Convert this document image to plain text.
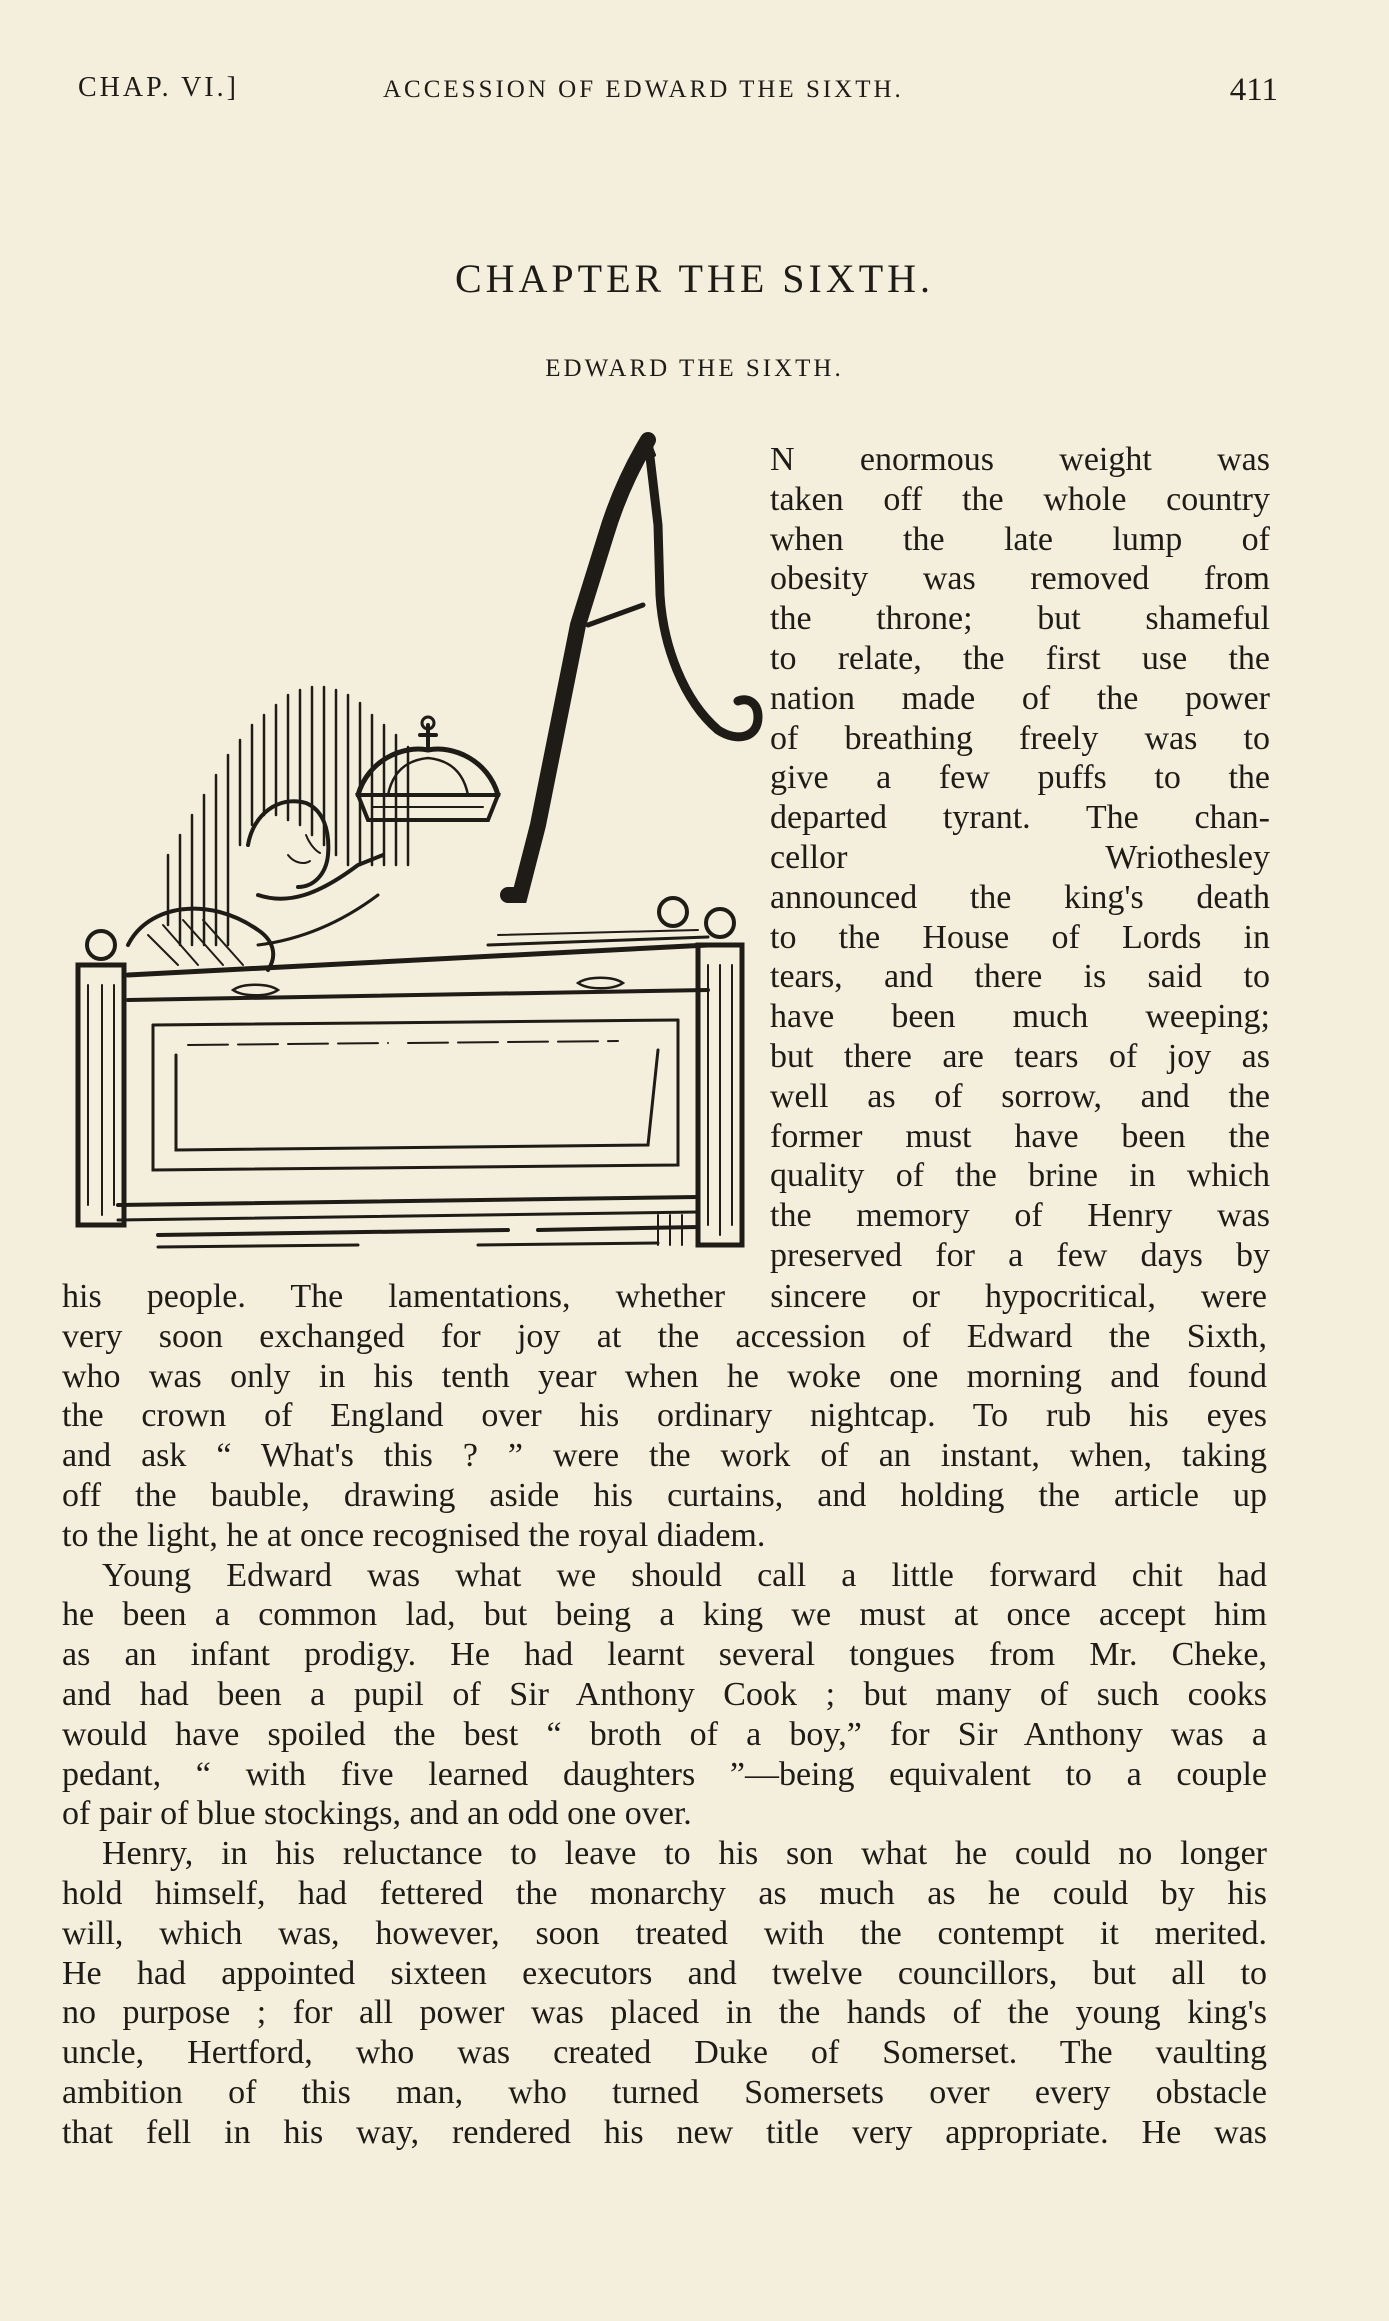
CHAP. VI.]	ACCESSION OF EDWARD THE SIXTH.	411
CHAPTER THE SIXTH.
EDWARD THE SIXTH.
N enormous weight was
taken off the whole country
when the late lump of
obesity was removed from
the throne; but shameful
to relate, the first use the
nation made of the power
of breathing freely was to
give a few puffs to the
departed tyrant. The chan-
cellor Wriothesley
announced the king's death
to the House of Lords in
tears, and there is said to
have been much weeping;
but there are tears of joy as
well as of sorrow, and the
former must have been the
quality of the brine in which
the memory of Henry was
preserved for a few days by

his people. The lamentations, whether sincere or hypocritical, were
very soon exchanged for joy at the accession of Edward the Sixth,
who was only in his tenth year when he woke one morning and found
the crown of England over his ordinary nightcap. To rub his eyes
and ask “ What's this ? ” were the work of an instant, when, taking
off the bauble, drawing aside his curtains, and holding the article up
to the light, he at once recognised the royal diadem.

Young Edward was what we should call a little forward chit had
he been a common lad, but being a king we must at once accept him
as an infant prodigy. He had learnt several tongues from Mr. Cheke,
and had been a pupil of Sir Anthony Cook ; but many of such cooks
would have spoiled the best “ broth of a boy,” for Sir Anthony was a
pedant, “ with five learned daughters ”—being equivalent to a couple
of pair of blue stockings, and an odd one over.

Henry, in his reluctance to leave to his son what he could no longer
hold himself, had fettered the monarchy as much as he could by his
will, which was, however, soon treated with the contempt it merited.
He had appointed sixteen executors and twelve councillors, but all to
no purpose ; for all power was placed in the hands of the young king's
uncle, Hertford, who was created Duke of Somerset. The vaulting
ambition of this man, who turned Somersets over every obstacle
that fell in his way, rendered his new title very appropriate. He was
